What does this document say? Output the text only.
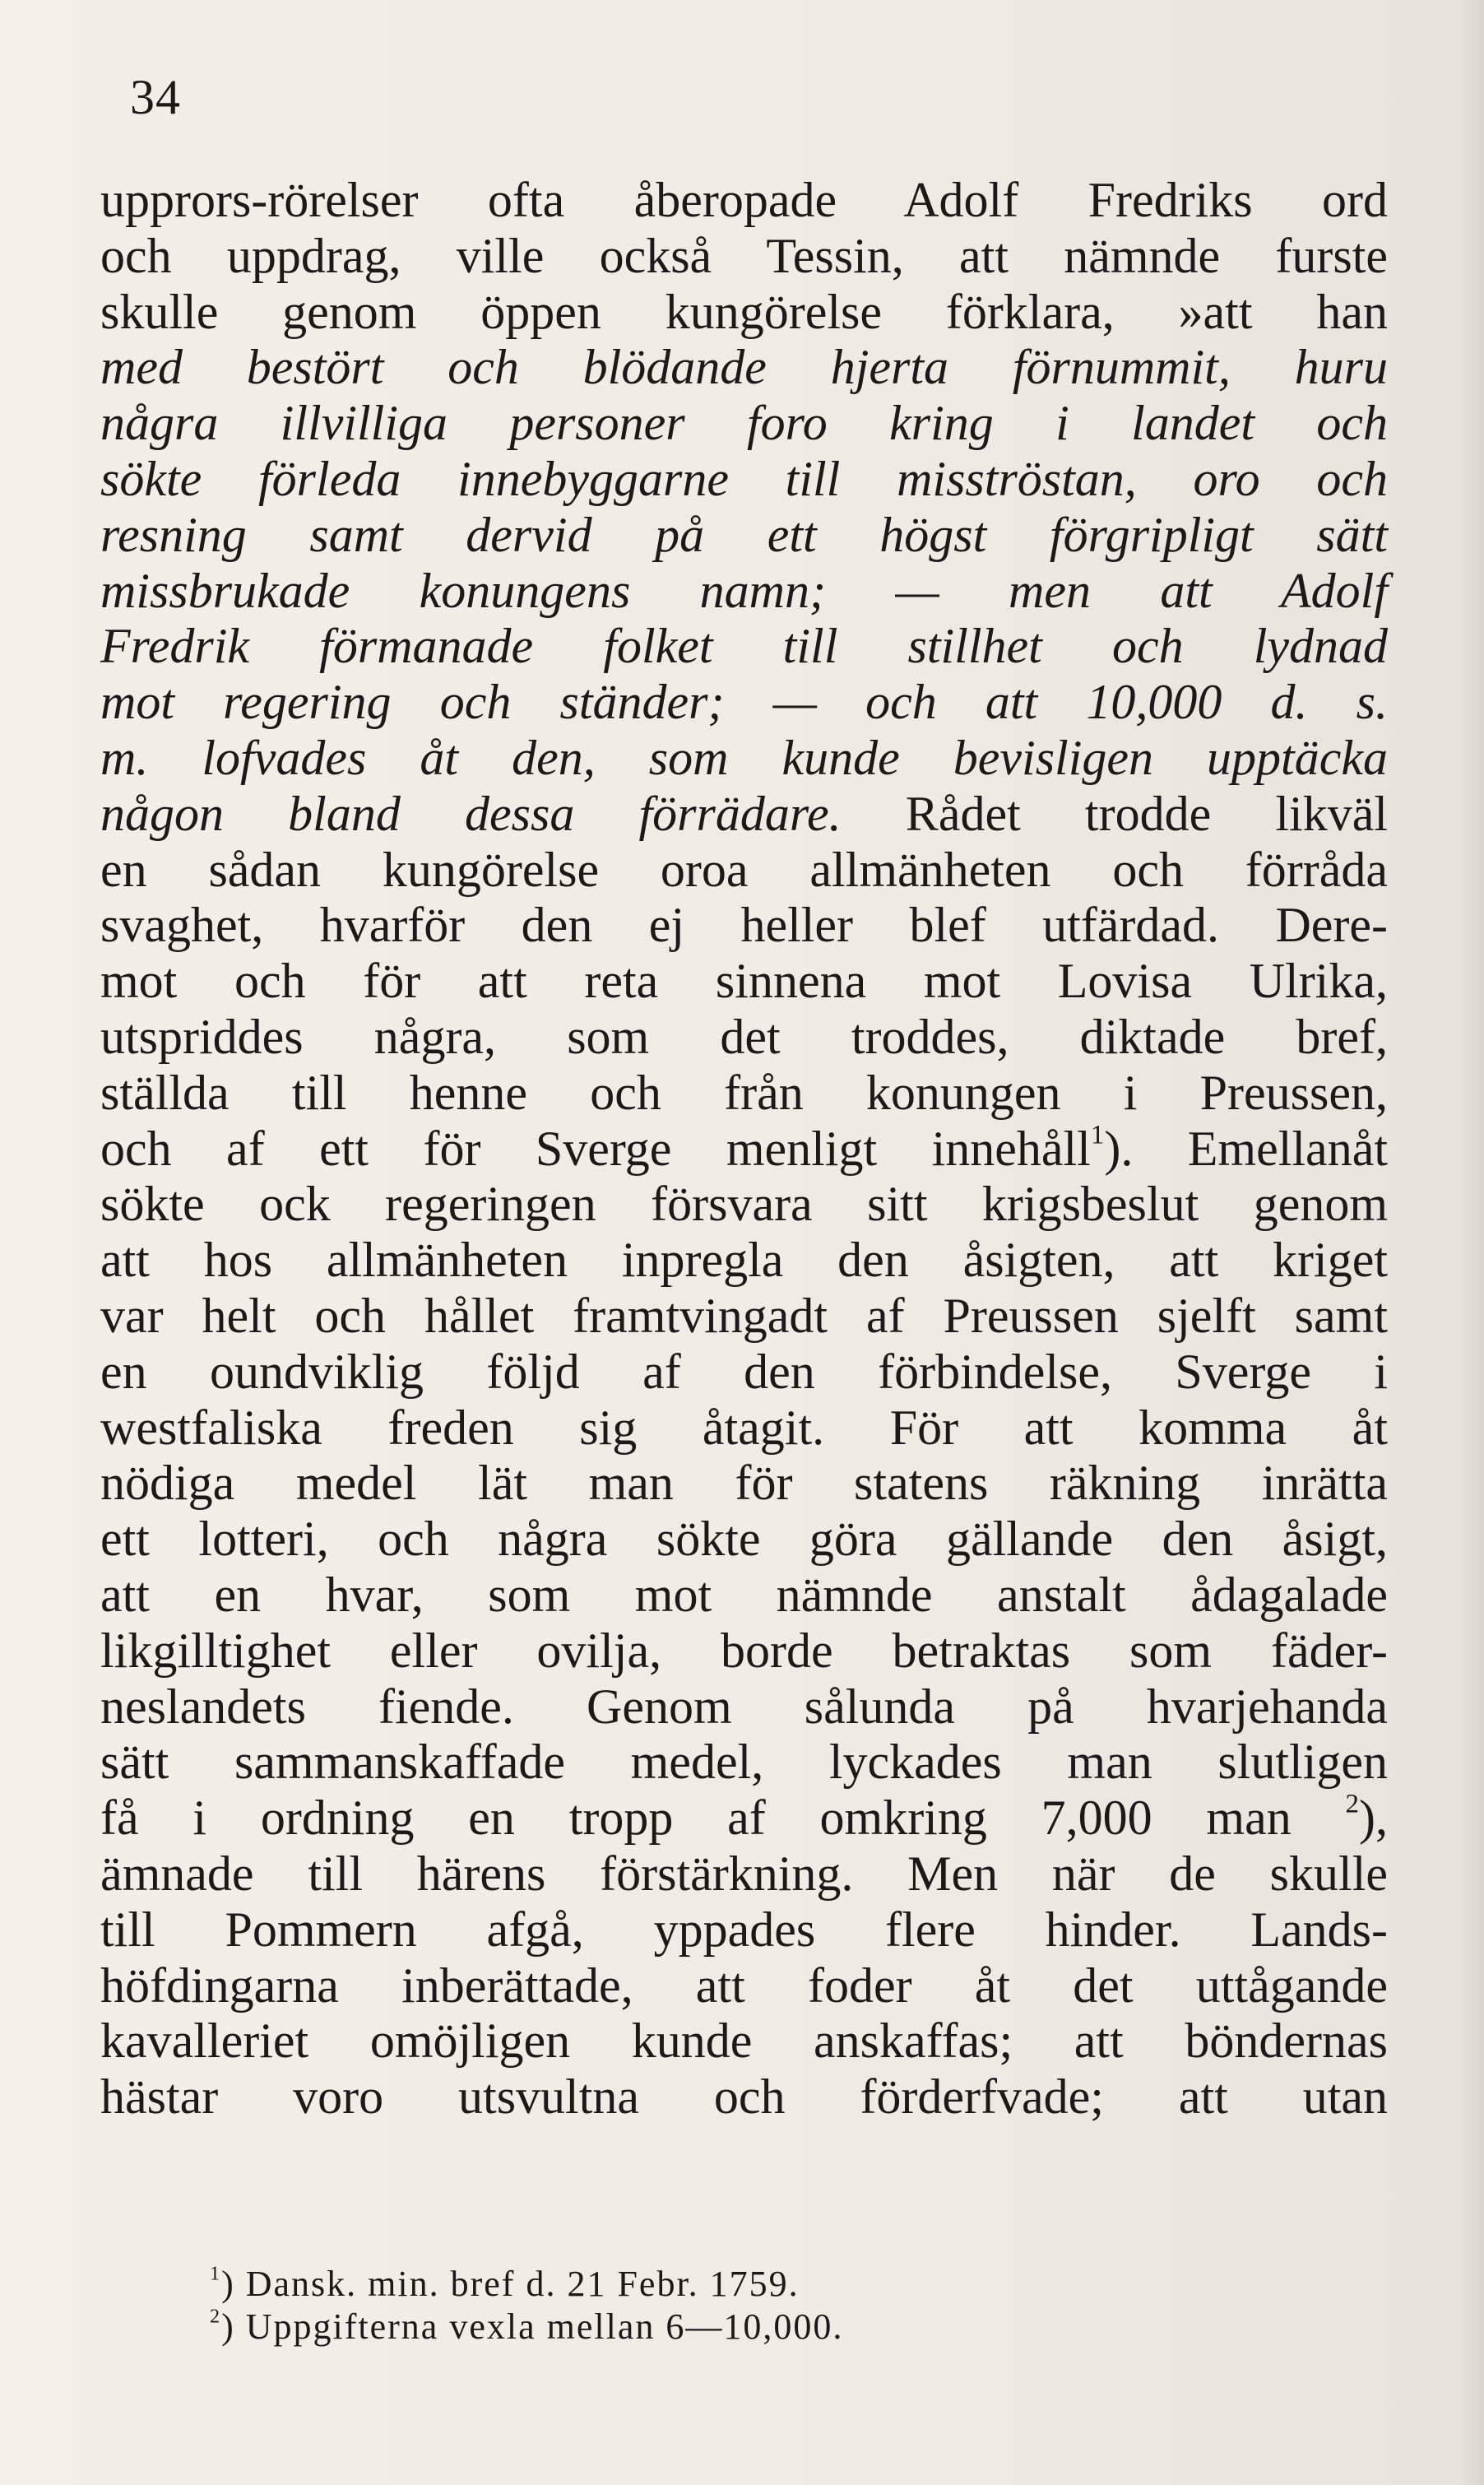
34
upprors-rörelser ofta åberopade Adolf Fredriks ord
och uppdrag, ville också Tessin, att nämnde furste
skulle genom öppen kungörelse förklara, »att han
med bestört och blödande hjerta förnummit, huru
några illvilliga personer foro kring i landet och
sökte förleda innebyggarne till misströstan, oro och
resning samt dervid på ett högst förgripligt sätt
missbrukade konungens namn; — men att Adolf
Fredrik förmanade folket till stillhet och lydnad
mot regering och ständer; — och att 10,000 d. s.
m. lofvades åt den, som kunde bevisligen upptäcka
någon bland dessa förrädare. Rådet trodde likväl
en sådan kungörelse oroa allmänheten och förråda
svaghet, hvarför den ej heller blef utfärdad. Dere-
mot och för att reta sinnena mot Lovisa Ulrika,
utspriddes några, som det troddes, diktade bref,
ställda till henne och från konungen i Preussen,
och af ett för Sverge menligt innehåll$^1$). Emellanåt
sökte ock regeringen försvara sitt krigsbeslut genom
att hos allmänheten inpregla den åsigten, att kriget
var helt och hållet framtvingadt af Preussen sjelft samt
en oundviklig följd af den förbindelse, Sverge i
westfaliska freden sig åtagit. För att komma åt
nödiga medel lät man för statens räkning inrätta
ett lotteri, och några sökte göra gällande den åsigt,
att en hvar, som mot nämnde anstalt ådagalade
likgilltighet eller ovilja, borde betraktas som fäder-
neslandets fiende. Genom sålunda på hvarjehanda
sätt sammanskaffade medel, lyckades man slutligen
få i ordning en tropp af omkring 7,000 man $^2$),
ämnade till härens förstärkning. Men när de skulle
till Pommern afgå, yppades flere hinder. Lands-
höfdingarna inberättade, att foder åt det uttågande
kavalleriet omöjligen kunde anskaffas; att böndernas
hästar voro utsvultna och förderfvade; att utan
$^1$) Dansk. min. bref d. 21 Febr. 1759.
$^2$) Uppgifterna vexla mellan 6—10,000.
